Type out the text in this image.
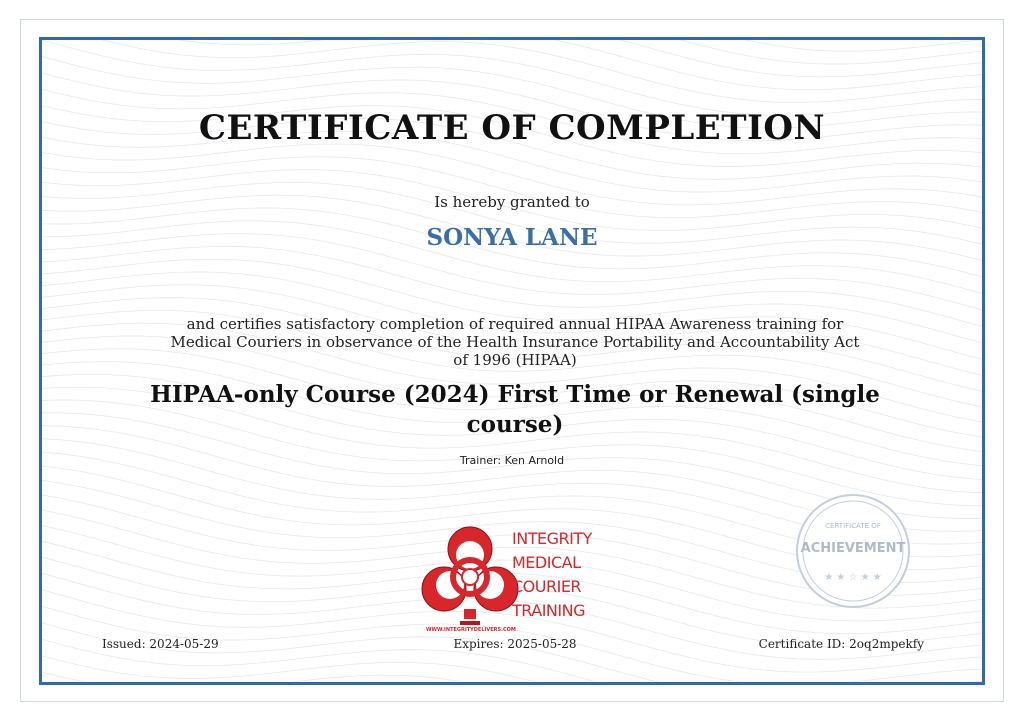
CERTIFICATE OF COMPLETION
Is hereby granted to
SONYA LANE
and certifies satisfactory completion of required annual HIPAA Awareness training for Medical Couriers in observance of the Health Insurance Portability and Accountability Act of 1996 (HIPAA)
HIPAA-only Course (2024) First Time or Renewal (single course)
Trainer: Ken Arnold
INTEGRITY
MEDICAL
COURIER
TRAINING
WWW.INTEGRITYDELIVERS.COM
CERTIFICATE OF
ACHIEVEMENT
★ ★ ☆ ★ ★
Issued: 2024-05-29	Expires: 2025-05-28	Certificate ID: 2oq2mpekfy
